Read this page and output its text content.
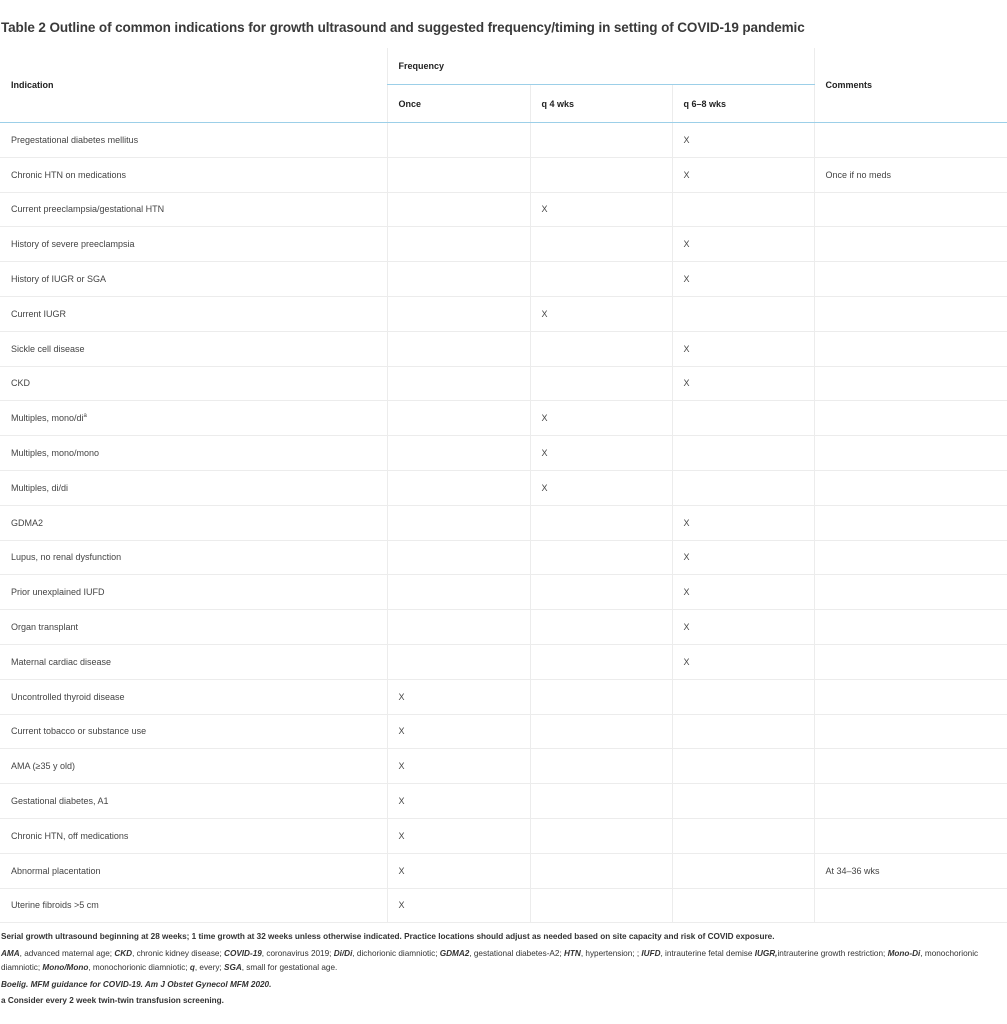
Table 2 Outline of common indications for growth ultrasound and suggested frequency/timing in setting of COVID-19 pandemic
Indication	Frequency			Comments
	Once	q 4 wks	q 6–8 wks	
Pregestational diabetes mellitus			X	
Chronic HTN on medications			X	Once if no meds
Current preeclampsia/gestational HTN		X		
History of severe preeclampsia			X	
History of IUGR or SGA			X	
Current IUGR		X		
Sickle cell disease			X	
CKD			X	
Multiples, mono/$di^a$		X		
Multiples, mono/mono		X		
Multiples, di/di		X		
GDMA2			X	
Lupus, no renal dysfunction			X	
Prior unexplained IUFD			X	
Organ transplant			X	
Maternal cardiac disease			X	
Uncontrolled thyroid disease	X			
Current tobacco or substance use	X			
AMA (≥35 y old)	X			
Gestational diabetes, A1	X			
Chronic HTN, off medications	X			
Abnormal placentation	X			At 34–36 wks
Uterine fibroids >5 cm	X			

Serial growth ultrasound beginning at 28 weeks; 1 time growth at 32 weeks unless otherwise indicated. Practice locations should adjust as needed based on site capacity and risk of COVID exposure.

AMA, advanced maternal age; CKD, chronic kidney disease; COVID-19, coronavirus 2019; Di/Di, dichorionic diamniotic; GDMA2, gestational diabetes-A2; HTN, hypertension; ; IUFD, intrauterine fetal demise IUGR,intrauterine growth restriction; Mono-Di, monochorionic diamniotic; Mono/Mono, monochorionic diamniotic; q, every; SGA, small for gestational age.

Boelig. MFM guidance for COVID-19. Am J Obstet Gynecol MFM 2020.

a Consider every 2 week twin-twin transfusion screening.
